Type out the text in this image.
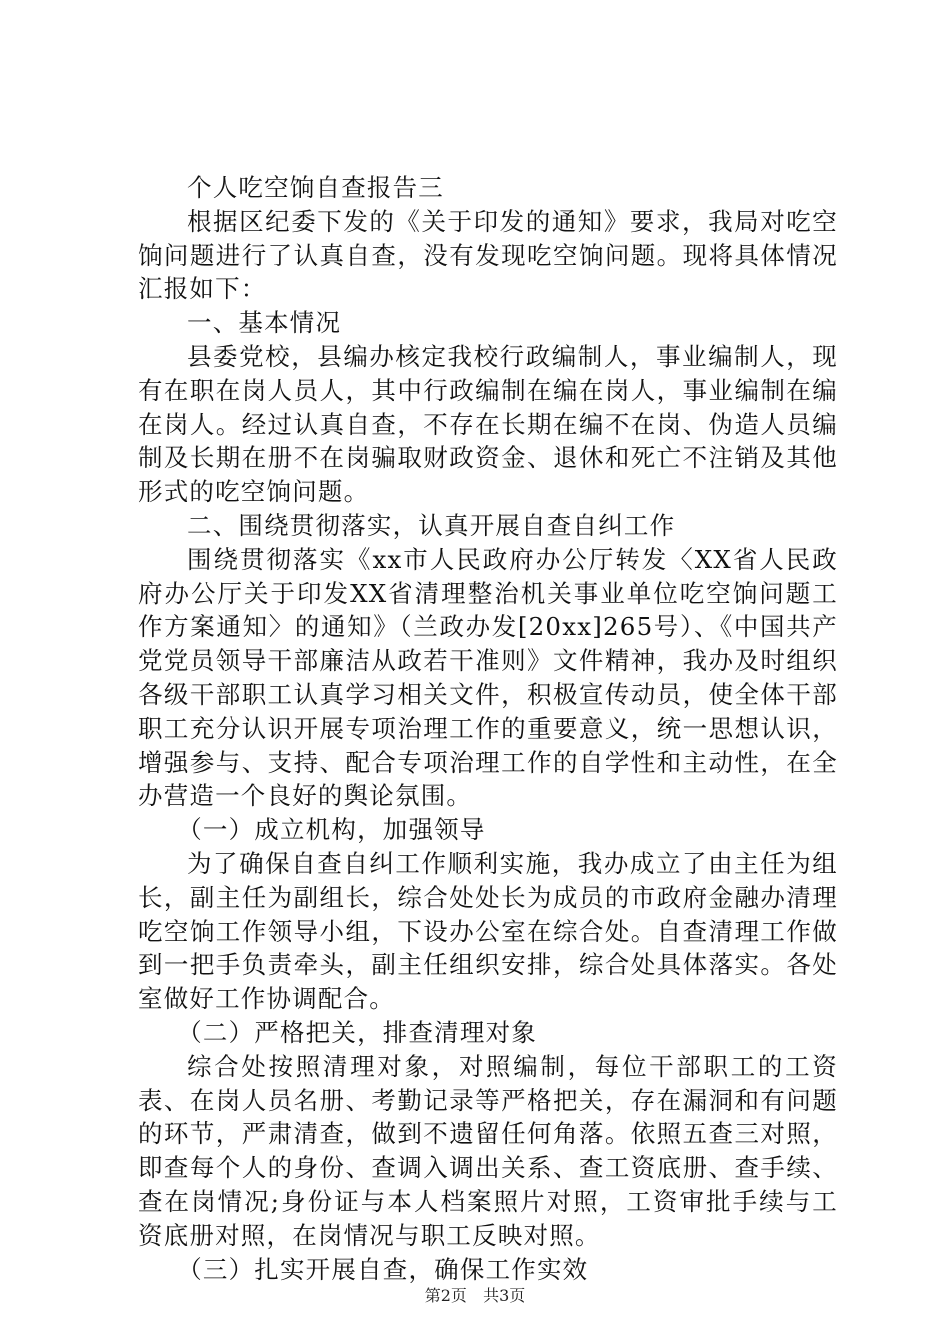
个人吃空饷自查报告三

根据区纪委下发的《关于印发的通知》要求，我局对吃空饷问题进行了认真自查，没有发现吃空饷问题。现将具体情况汇报如下：

一、基本情况

县委党校，县编办核定我校行政编制人，事业编制人，现有在职在岗人员人，其中行政编制在编在岗人，事业编制在编在岗人。经过认真自查，不存在长期在编不在岗、伪造人员编制及长期在册不在岗骗取财政资金、退休和死亡不注销及其他形式的吃空饷问题。

二、围绕贯彻落实，认真开展自查自纠工作

围绕贯彻落实《xx市人民政府办公厅转发〈XX省人民政府办公厅关于印发XX省清理整治机关事业单位吃空饷问题工作方案通知〉的通知》（兰政办发[20xx]265号）、《中国共产党党员领导干部廉洁从政若干准则》文件精神，我办及时组织各级干部职工认真学习相关文件，积极宣传动员，使全体干部职工充分认识开展专项治理工作的重要意义，统一思想认识，增强参与、支持、配合专项治理工作的自学性和主动性，在全办营造一个良好的舆论氛围。

（一）成立机构，加强领导

为了确保自查自纠工作顺利实施，我办成立了由主任为组长，副主任为副组长，综合处处长为成员的市政府金融办清理吃空饷工作领导小组，下设办公室在综合处。自查清理工作做到一把手负责牵头，副主任组织安排，综合处具体落实。各处室做好工作协调配合。

（二）严格把关，排查清理对象

综合处按照清理对象，对照编制，每位干部职工的工资表、在岗人员名册、考勤记录等严格把关，存在漏洞和有问题的环节，严肃清查，做到不遗留任何角落。依照五查三对照，即查每个人的身份、查调入调出关系、查工资底册、查手续、查在岗情况;身份证与本人档案照片对照，工资审批手续与工资底册对照，在岗情况与职工反映对照。

（三）扎实开展自查，确保工作实效

第2页 共3页
